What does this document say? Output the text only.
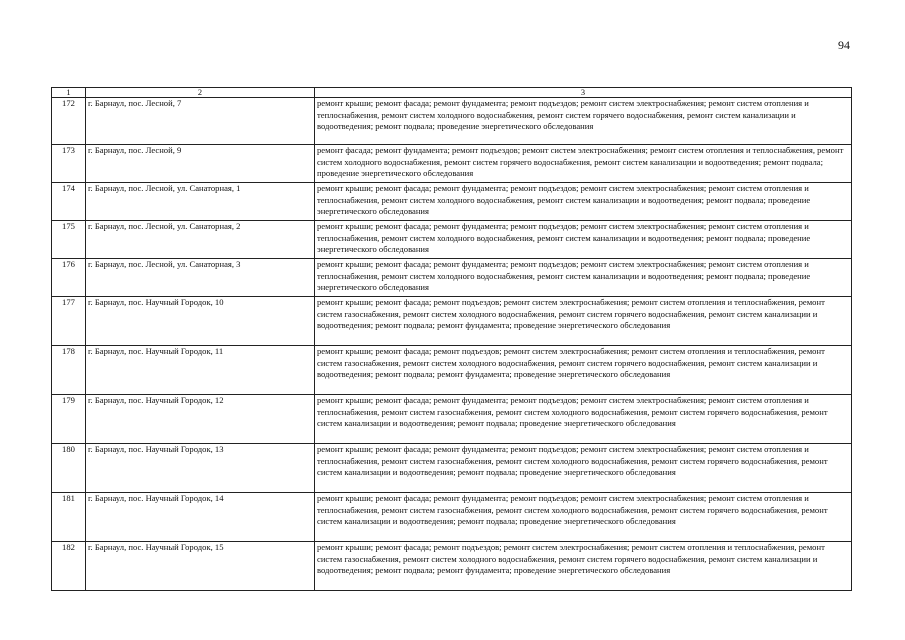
94
1	2	3
172	г. Барнаул, пос. Лесной, 7	ремонт крыши; ремонт фасада; ремонт фундамента; ремонт подъездов; ремонт систем электроснабжения; ремонт систем отопления и теплоснабжения, ремонт систем холодного водоснабжения, ремонт систем горячего водоснабжения, ремонт систем канализации и водоотведения; ремонт подвала; проведение энергетического обследования
173	г. Барнаул, пос. Лесной, 9	ремонт фасада; ремонт фундамента; ремонт подъездов; ремонт систем электроснабжения; ремонт систем отопления и теплоснабжения, ремонт систем холодного водоснабжения, ремонт систем горячего водоснабжения, ремонт систем канализации и водоотведения; ремонт подвала; проведение энергетического обследования
174	г. Барнаул, пос. Лесной, ул. Санаторная, 1	ремонт крыши; ремонт фасада; ремонт фундамента; ремонт подъездов; ремонт систем электроснабжения; ремонт систем отопления и теплоснабжения, ремонт систем холодного водоснабжения, ремонт систем канализации и водоотведения; ремонт подвала; проведение энергетического обследования
175	г. Барнаул, пос. Лесной, ул. Санаторная, 2	ремонт крыши; ремонт фасада; ремонт фундамента; ремонт подъездов; ремонт систем электроснабжения; ремонт систем отопления и теплоснабжения, ремонт систем холодного водоснабжения, ремонт систем канализации и водоотведения; ремонт подвала; проведение энергетического обследования
176	г. Барнаул, пос. Лесной, ул. Санаторная, 3	ремонт крыши; ремонт фасада; ремонт фундамента; ремонт подъездов; ремонт систем электроснабжения; ремонт систем отопления и теплоснабжения, ремонт систем холодного водоснабжения, ремонт систем канализации и водоотведения; ремонт подвала; проведение энергетического обследования
177	г. Барнаул, пос. Научный Городок, 10	ремонт крыши; ремонт фасада; ремонт подъездов; ремонт систем электроснабжения; ремонт систем отопления и теплоснабжения, ремонт систем газоснабжения, ремонт систем холодного водоснабжения, ремонт систем горячего водоснабжения, ремонт систем канализации и водоотведения; ремонт подвала; ремонт фундамента; проведение энергетического обследования
178	г. Барнаул, пос. Научный Городок, 11	ремонт крыши; ремонт фасада; ремонт подъездов; ремонт систем электроснабжения; ремонт систем отопления и теплоснабжения, ремонт систем газоснабжения, ремонт систем холодного водоснабжения, ремонт систем горячего водоснабжения, ремонт систем канализации и водоотведения; ремонт подвала; ремонт фундамента; проведение энергетического обследования
179	г. Барнаул, пос. Научный Городок, 12	ремонт крыши; ремонт фасада; ремонт фундамента; ремонт подъездов; ремонт систем электроснабжения; ремонт систем отопления и теплоснабжения, ремонт систем газоснабжения, ремонт систем холодного водоснабжения, ремонт систем горячего водоснабжения, ремонт систем канализации и водоотведения; ремонт подвала; проведение энергетического обследования
180	г. Барнаул, пос. Научный Городок, 13	ремонт крыши; ремонт фасада; ремонт фундамента; ремонт подъездов; ремонт систем электроснабжения; ремонт систем отопления и теплоснабжения, ремонт систем газоснабжения, ремонт систем холодного водоснабжения, ремонт систем горячего водоснабжения, ремонт систем канализации и водоотведения; ремонт подвала; проведение энергетического обследования
181	г. Барнаул, пос. Научный Городок, 14	ремонт крыши; ремонт фасада; ремонт фундамента; ремонт подъездов; ремонт систем электроснабжения; ремонт систем отопления и теплоснабжения, ремонт систем газоснабжения, ремонт систем холодного водоснабжения, ремонт систем горячего водоснабжения, ремонт систем канализации и водоотведения; ремонт подвала; проведение энергетического обследования
182	г. Барнаул, пос. Научный Городок, 15	ремонт крыши; ремонт фасада; ремонт подъездов; ремонт систем электроснабжения; ремонт систем отопления и теплоснабжения, ремонт систем газоснабжения, ремонт систем холодного водоснабжения, ремонт систем горячего водоснабжения, ремонт систем канализации и водоотведения; ремонт подвала; ремонт фундамента; проведение энергетического обследования
